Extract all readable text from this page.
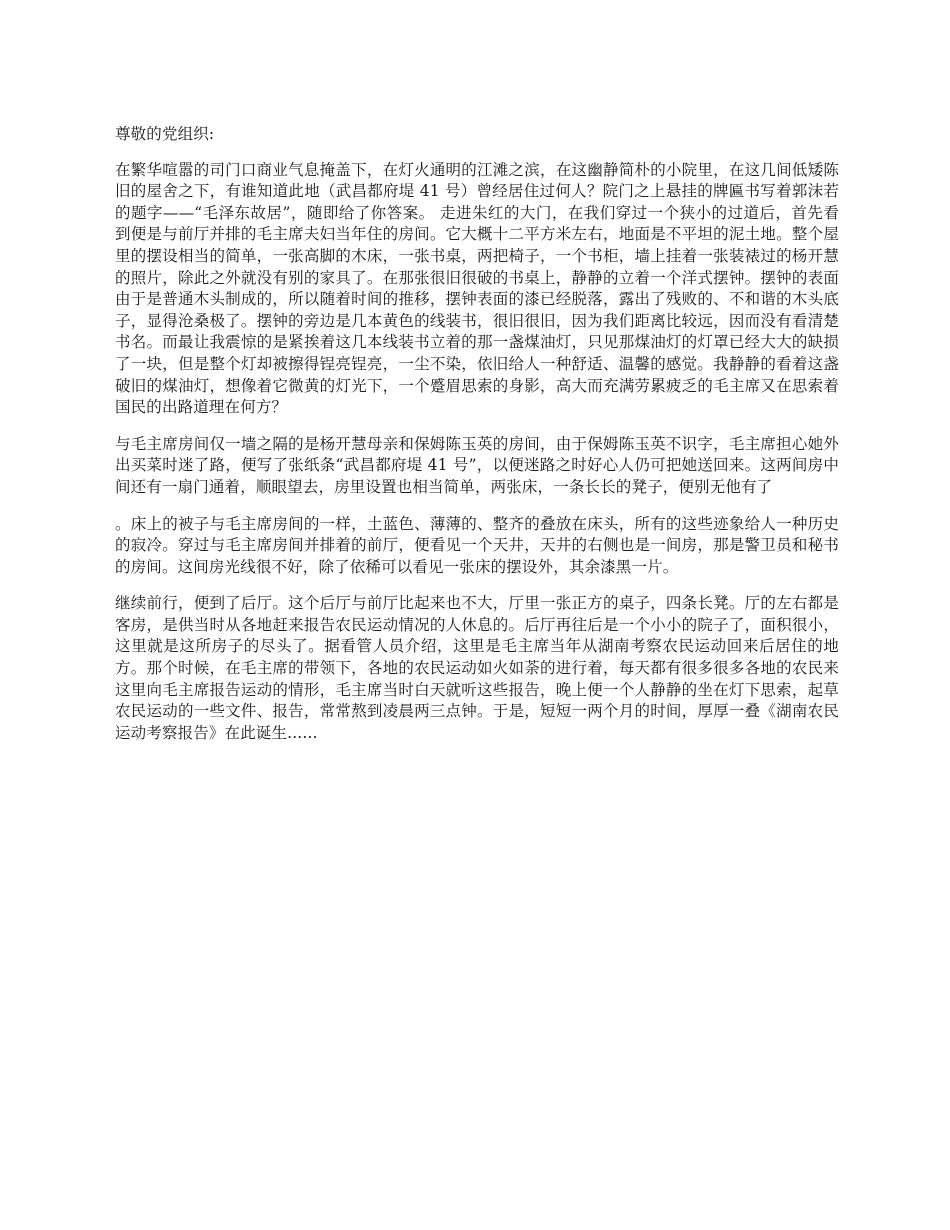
尊敬的党组织:

在繁华喧嚣的司门口商业气息掩盖下，在灯火通明的江滩之滨，在这幽静简朴的小院里，在这几间低矮陈旧的屋舍之下，有谁知道此地（武昌都府堤 41 号）曾经居住过何人？院门之上悬挂的牌匾书写着郭沫若的题字——“毛泽东故居”，随即给了你答案。 走进朱红的大门，在我们穿过一个狭小的过道后，首先看到便是与前厅并排的毛主席夫妇当年住的房间。它大概十二平方米左右，地面是不平坦的泥土地。整个屋里的摆设相当的简单，一张高脚的木床，一张书桌，两把椅子，一个书柜，墙上挂着一张装裱过的杨开慧的照片，除此之外就没有别的家具了。在那张很旧很破的书桌上，静静的立着一个洋式摆钟。摆钟的表面由于是普通木头制成的，所以随着时间的推移，摆钟表面的漆已经脱落，露出了残败的、不和谐的木头底子，显得沧桑极了。摆钟的旁边是几本黄色的线装书，很旧很旧，因为我们距离比较远，因而没有看清楚书名。而最让我震惊的是紧挨着这几本线装书立着的那一盏煤油灯，只见那煤油灯的灯罩已经大大的缺损了一块，但是整个灯却被擦得锃亮锃亮，一尘不染，依旧给人一种舒适、温馨的感觉。我静静的看着这盏破旧的煤油灯，想像着它微黄的灯光下，一个蹙眉思索的身影，高大而充满劳累疲乏的毛主席又在思索着国民的出路道理在何方？

与毛主席房间仅一墙之隔的是杨开慧母亲和保姆陈玉英的房间，由于保姆陈玉英不识字，毛主席担心她外出买菜时迷了路，便写了张纸条“武昌都府堤 41 号”，以便迷路之时好心人仍可把她送回来。这两间房中间还有一扇门通着，顺眼望去，房里设置也相当简单，两张床，一条长长的凳子，便别无他有了

。床上的被子与毛主席房间的一样，土蓝色、薄薄的、整齐的叠放在床头，所有的这些迹象给人一种历史的寂冷。穿过与毛主席房间并排着的前厅，便看见一个天井，天井的右侧也是一间房，那是警卫员和秘书的房间。这间房光线很不好，除了依稀可以看见一张床的摆设外，其余漆黑一片。

继续前行，便到了后厅。这个后厅与前厅比起来也不大，厅里一张正方的桌子，四条长凳。厅的左右都是客房，是供当时从各地赶来报告农民运动情况的人休息的。后厅再往后是一个小小的院子了，面积很小，这里就是这所房子的尽头了。据看管人员介绍，这里是毛主席当年从湖南考察农民运动回来后居住的地方。那个时候，在毛主席的带领下，各地的农民运动如火如荼的进行着，每天都有很多很多各地的农民来这里向毛主席报告运动的情形，毛主席当时白天就听这些报告，晚上便一个人静静的坐在灯下思索，起草农民运动的一些文件、报告，常常熬到凌晨两三点钟。于是，短短一两个月的时间，厚厚一叠《湖南农民运动考察报告》在此诞生......
